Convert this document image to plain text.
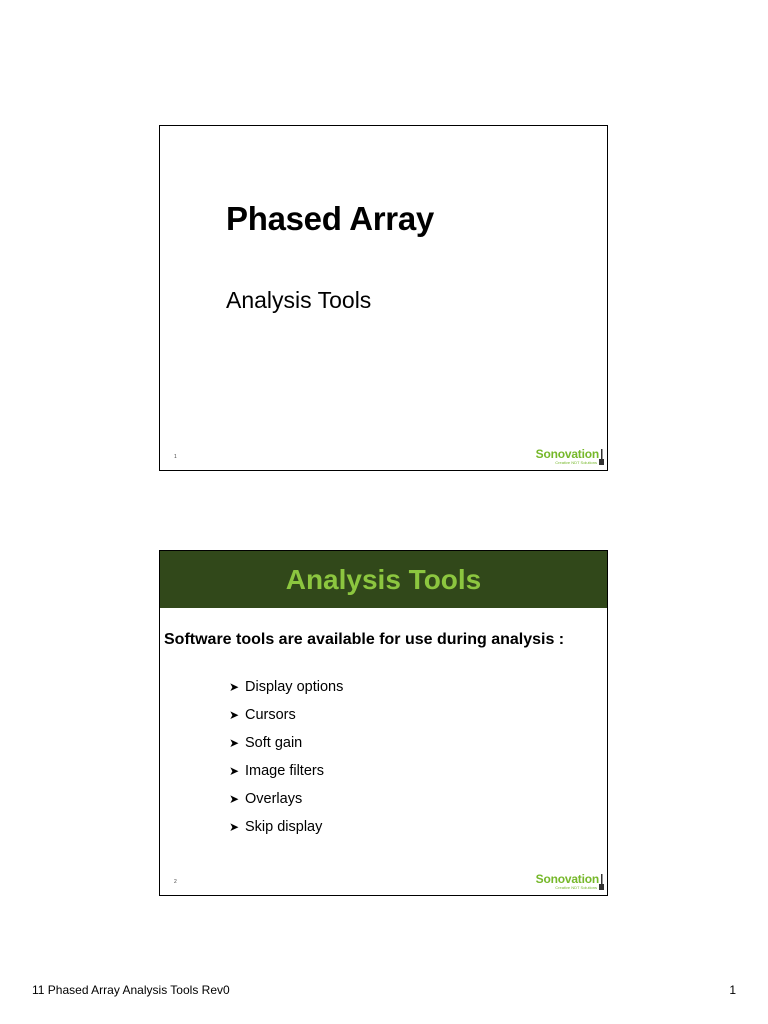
Phased Array
Analysis Tools
1	Sonovation
Creative NDT Solutions
Analysis Tools
Software tools are available for use during analysis :
➤ Display options
➤ Cursors
➤ Soft gain
➤ Image filters
➤ Overlays
➤ Skip display
2	Sonovation
Creative NDT Solutions
11 Phased Array Analysis Tools Rev0	1
